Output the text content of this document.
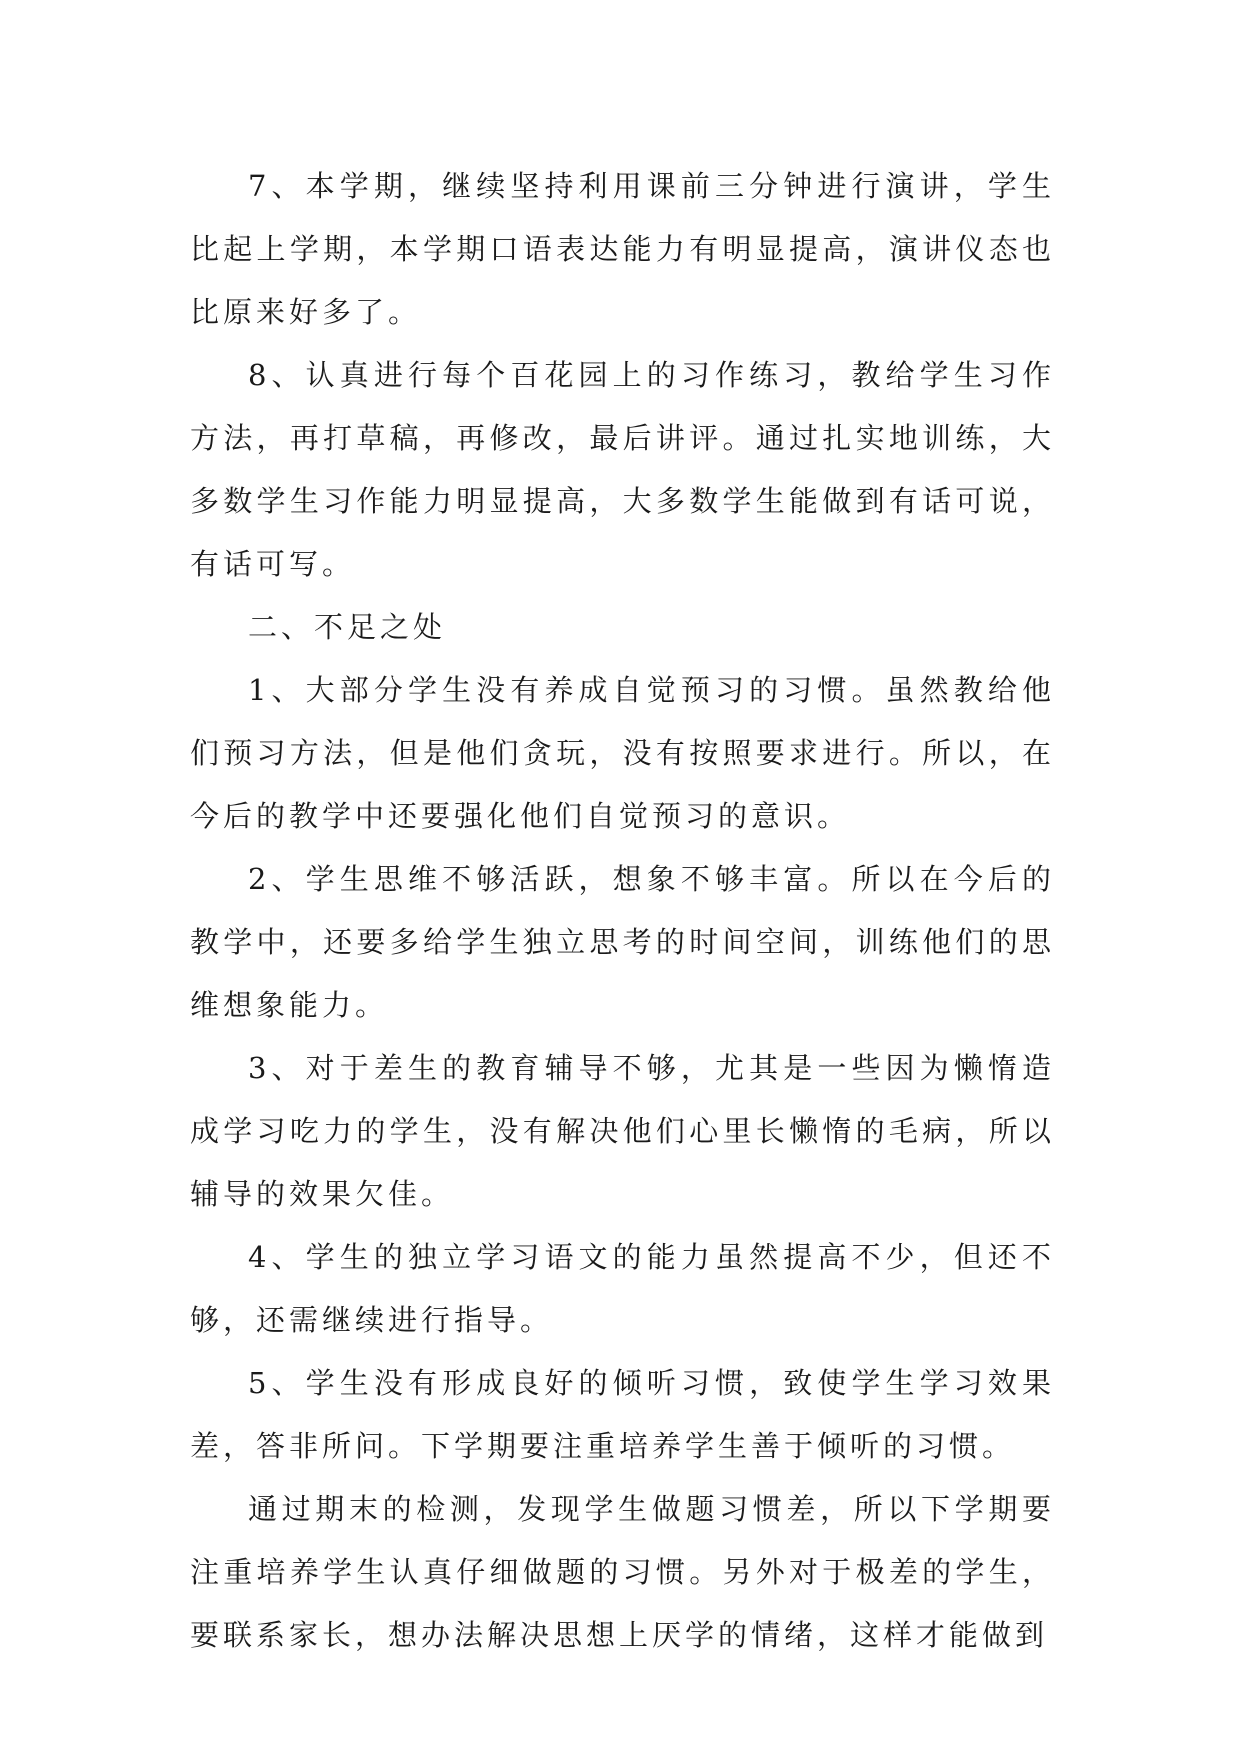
7、本学期，继续坚持利用课前三分钟进行演讲，学生比起上学期，本学期口语表达能力有明显提高，演讲仪态也比原来好多了。

8、认真进行每个百花园上的习作练习，教给学生习作方法，再打草稿，再修改，最后讲评。通过扎实地训练，大多数学生习作能力明显提高，大多数学生能做到有话可说，有话可写。

二、不足之处

1、大部分学生没有养成自觉预习的习惯。虽然教给他们预习方法，但是他们贪玩，没有按照要求进行。所以，在今后的教学中还要强化他们自觉预习的意识。

2、学生思维不够活跃，想象不够丰富。所以在今后的教学中，还要多给学生独立思考的时间空间，训练他们的思维想象能力。

3、对于差生的教育辅导不够，尤其是一些因为懒惰造成学习吃力的学生，没有解决他们心里长懒惰的毛病，所以辅导的效果欠佳。

4、学生的独立学习语文的能力虽然提高不少，但还不够，还需继续进行指导。

5、学生没有形成良好的倾听习惯，致使学生学习效果差，答非所问。下学期要注重培养学生善于倾听的习惯。

通过期末的检测，发现学生做题习惯差，所以下学期要注重培养学生认真仔细做题的习惯。另外对于极差的学生，要联系家长，想办法解决思想上厌学的情绪，这样才能做到
